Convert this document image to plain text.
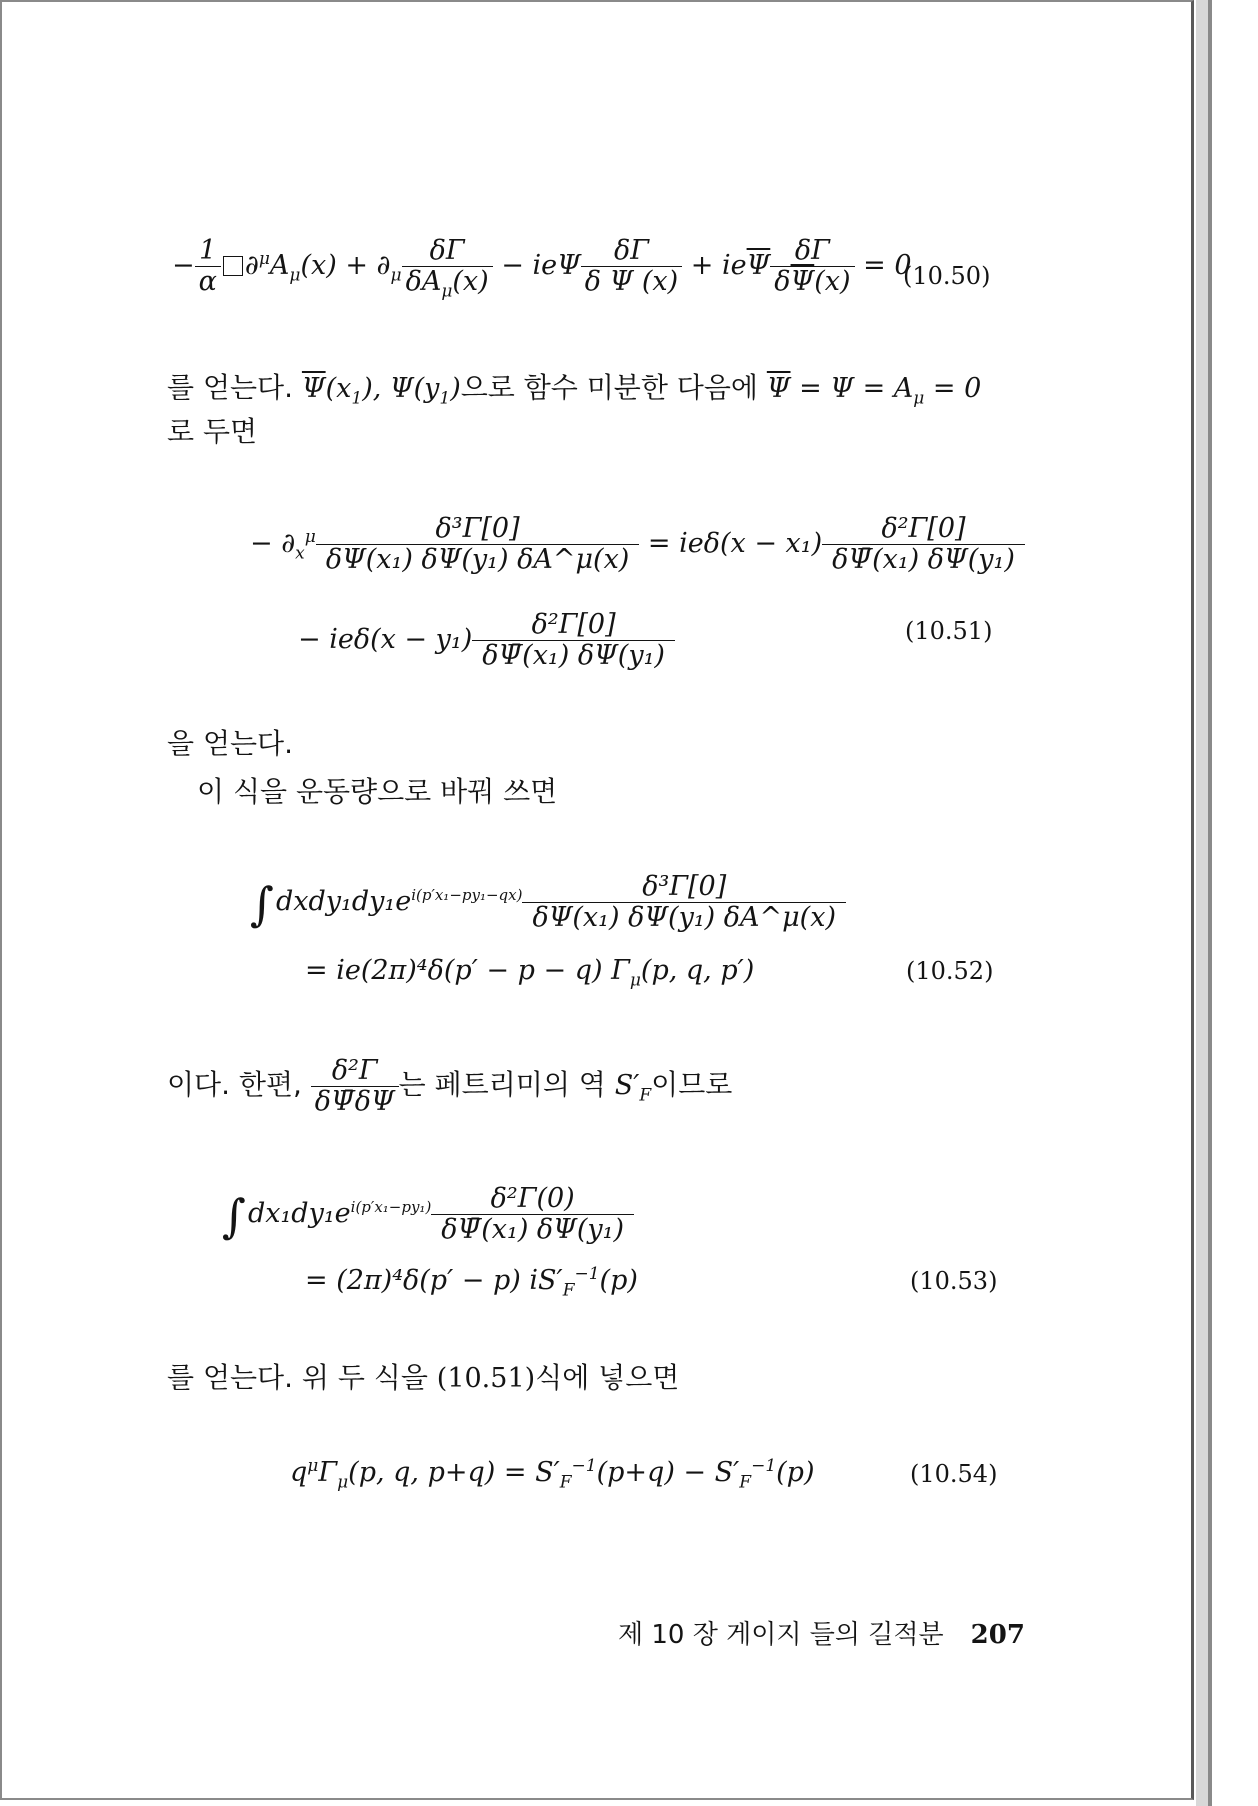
− $\frac{1}{\alpha} \partial^\mu A_\mu(x) + \partial_\mu \frac{\delta\Gamma}{\delta A_\mu(x)} - ie\Psi \frac{\delta\Gamma}{\text{δ Ψ (x)}} + ie\overline{\Psi} \frac{\delta\Gamma}{\delta\overline{\Psi}(x)} = 0$
(10.50)
를 얻는다. $\overline{\Psi}(x_1)$, $\Psi(y_1)$으로 함수 미분한 다음에 $\overline{\Psi} = \Psi = A_\mu = 0$
로 두면
− $\partial_x^\mu \frac{\text{δ³Γ[0]}}{\text{δΨ(x₁) δΨ(y₁) δA\textasciicircum{}μ(x)}} = ie\delta(x - x_1) \frac{\text{δ²Γ[0]}}{\text{δΨ̄(x₁) δΨ(y₁)}}$
− $ie\delta(x - y_1) \frac{\text{δ²Γ[0]}}{\text{δΨ̄(x₁) δΨ(y₁)}}$	(10.51)
을 얻는다.
이 식을 운동량으로 바꿔 쓰면
$\int dxdy_1dy_1e^{i(p'x_1-py_1-qx)} \frac{\text{δ³Γ[0]}}{\text{δΨ(x₁) δΨ(y₁) δA\textasciicircum{}μ(x)}}$
= ie(2π)⁴δ(p′ − p − q) $\Gamma_\mu(p$, q, p′)	(10.52)
이다. 한편, $\frac{\text{δ²Γ}}{\delta\Psī\delta\Psi}$ 는 페트리미의 역 $S'_F$이므로
$\int dx_1dy_1e^{i(p'x_1-py_1)} \frac{\text{δ²Γ(0)}}{\text{δΨ̄(x₁) δΨ(y₁)}}$
= (2π)⁴δ(p′ − p) $iS'_F^{-1}(p)$	(10.53)
를 얻는다. 위 두 식을 (10.51)식에 넣으면
$q^\mu\Gamma_\mu(p$, q, $p+q) = S'_F^{-1}(p+q) - S'_F^{-1}(p)$	(10.54)
제 10 장 게이지 들의 길적분 207
